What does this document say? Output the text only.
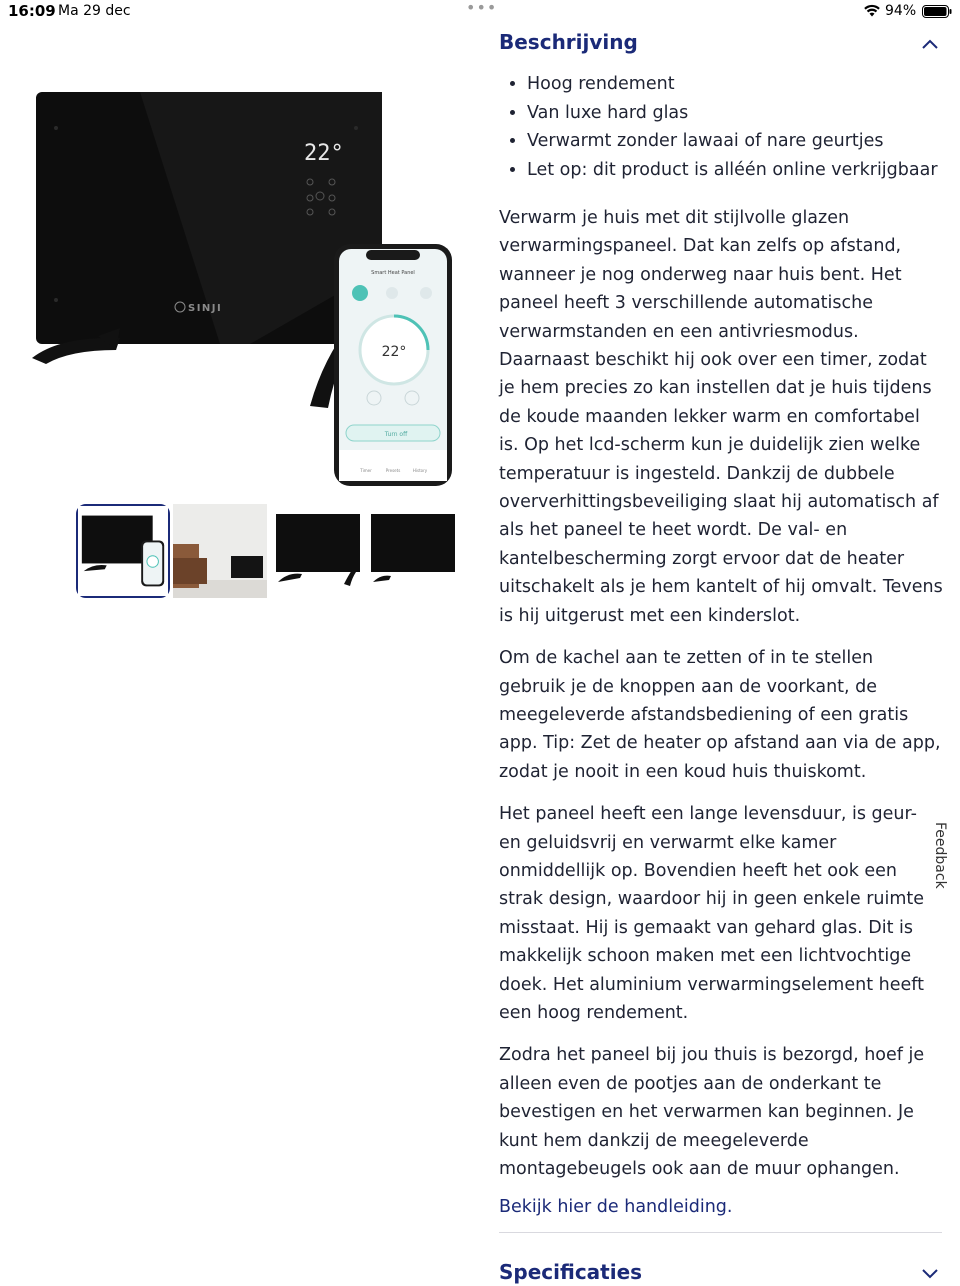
16:09 Ma 29 dec	•••	94%
22°
SINJI
Smart Heat Panel
22°
Turn off
Timer	Presets	History
Beschrijving
• Hoog rendement
• Van luxe hard glas
• Verwarmt zonder lawaai of nare geurtjes
• Let op: dit product is alléén online verkrijgbaar

Verwarm je huis met dit stijlvolle glazen verwarmingspaneel. Dat kan zelfs op afstand, wanneer je nog onderweg naar huis bent. Het paneel heeft 3 verschillende automatische verwarmstanden en een antivriesmodus. Daarnaast beschikt hij ook over een timer, zodat je hem precies zo kan instellen dat je huis tijdens de koude maanden lekker warm en comfortabel is. Op het lcd-scherm kun je duidelijk zien welke temperatuur is ingesteld. Dankzij de dubbele oververhittingsbeveiliging slaat hij automatisch af als het paneel te heet wordt. De val- en kantelbescherming zorgt ervoor dat de heater uitschakelt als je hem kantelt of hij omvalt. Tevens is hij uitgerust met een kinderslot.

Om de kachel aan te zetten of in te stellen gebruik je de knoppen aan de voorkant, de meegeleverde afstandsbediening of een gratis app. Tip: Zet de heater op afstand aan via de app, zodat je nooit in een koud huis thuiskomt.

Het paneel heeft een lange levensduur, is geur- en geluidsvrij en verwarmt elke kamer onmiddellijk op. Bovendien heeft het ook een strak design, waardoor hij in geen enkele ruimte misstaat. Hij is gemaakt van gehard glas. Dit is makkelijk schoon maken met een lichtvochtige doek. Het aluminium verwarmingselement heeft een hoog rendement.

Zodra het paneel bij jou thuis is bezorgd, hoef je alleen even de pootjes aan de onderkant te bevestigen en het verwarmen kan beginnen. Je kunt hem dankzij de meegeleverde montagebeugels ook aan de muur ophangen.

Bekijk hier de handleiding.
Specificaties
Feedback
